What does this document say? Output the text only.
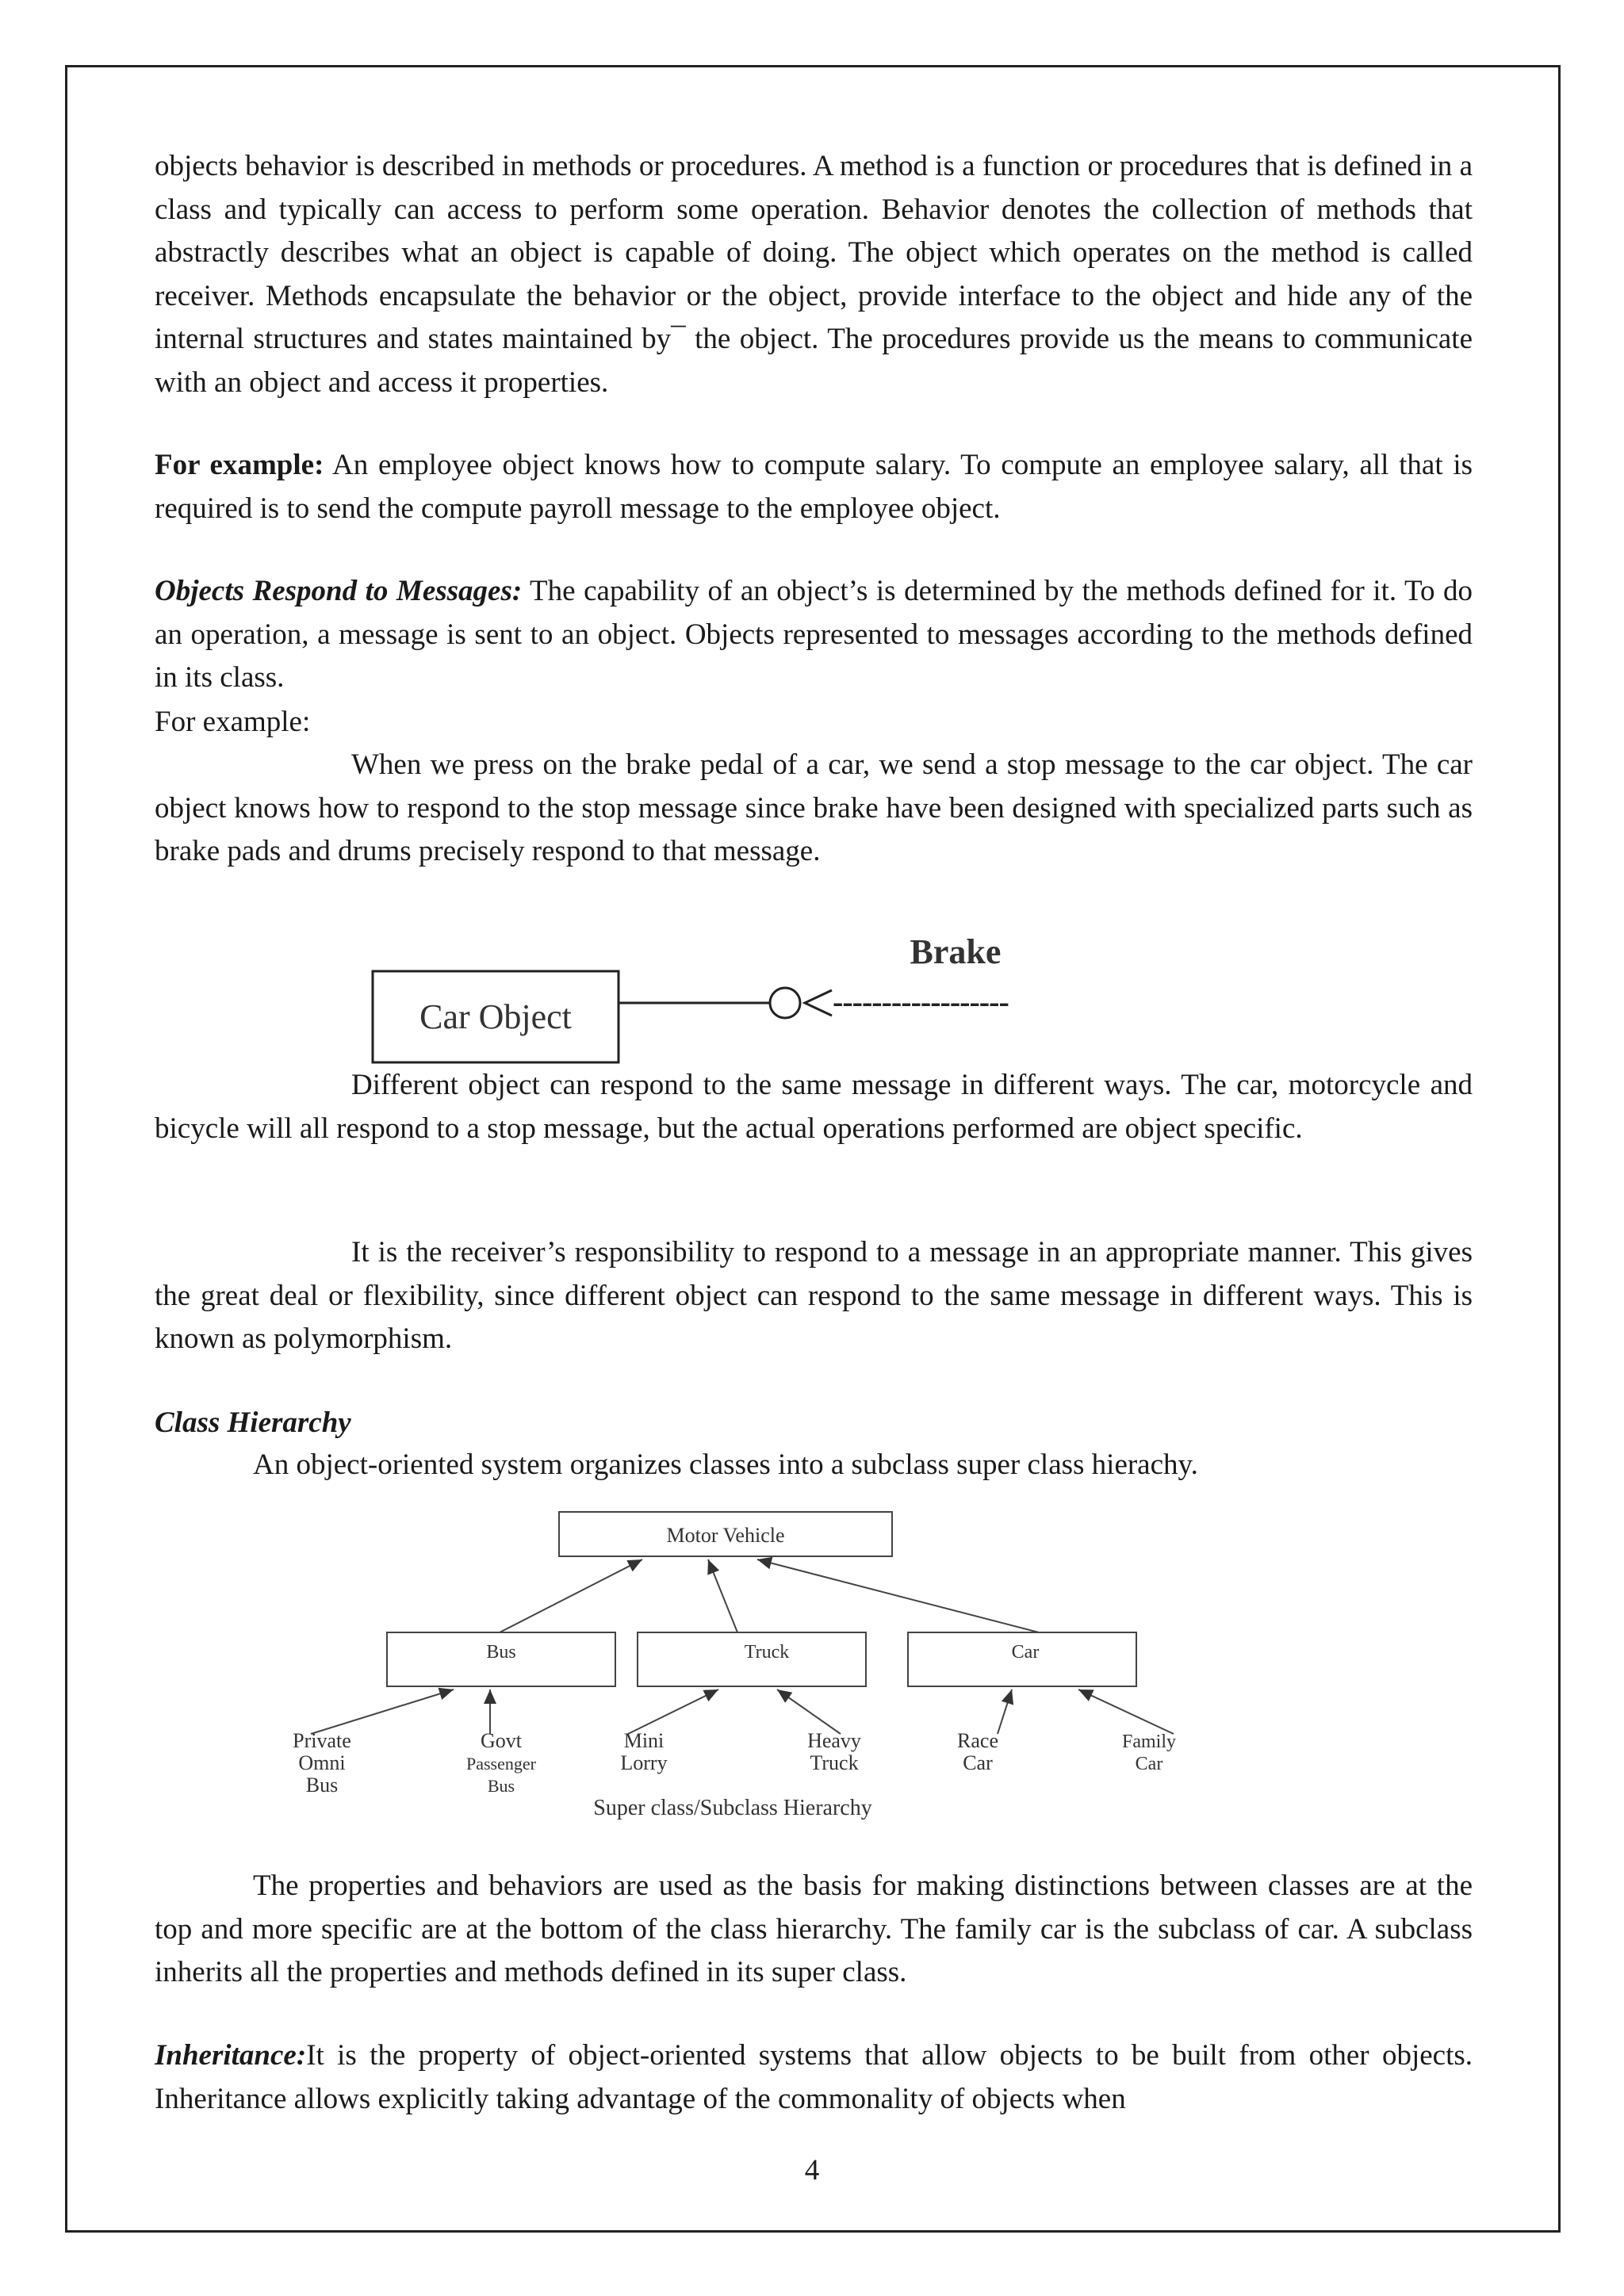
objects behavior is described in methods or procedures. A method is a function or procedures that is defined in a class and typically can access to perform some operation. Behavior denotes the collection of methods that abstractly describes what an object is capable of doing. The object which operates on the method is called receiver. Methods encapsulate the behavior or the object, provide interface to the object and hide any of the internal structures and states maintained by¯ the object. The procedures provide us the means to communicate with an object and access it properties.

For example: An employee object knows how to compute salary. To compute an employee salary, all that is required is to send the compute payroll message to the employee object.

Objects Respond to Messages: The capability of an object’s is determined by the methods defined for it. To do an operation, a message is sent to an object. Objects represented to messages according to the methods defined in its class.

For example:

When we press on the brake pedal of a car, we send a stop message to the car object. The car object knows how to respond to the stop message since brake have been designed with specialized parts such as brake pads and drums precisely respond to that message.

Car Object	------------------
Brake

Different object can respond to the same message in different ways. The car, motorcycle and bicycle will all respond to a stop message, but the actual operations performed are object specific.

It is the receiver’s responsibility to respond to a message in an appropriate manner. This gives the great deal or flexibility, since different object can respond to the same message in different ways. This is known as polymorphism.

Class Hierarchy

An object-oriented system organizes classes into a subclass super class hierachy.

Motor Vehicle
Bus	Truck	Car
Private
Omni
Bus
Govt
Passenger
Bus
Mini
Lorry
Heavy
Truck
Race
Car
Family
Car
Super class/Subclass Hierarchy

The properties and behaviors are used as the basis for making distinctions between classes are at the top and more specific are at the bottom of the class hierarchy. The family car is the subclass of car. A subclass inherits all the properties and methods defined in its super class.

Inheritance:It is the property of object-oriented systems that allow objects to be built from other objects. Inheritance allows explicitly taking advantage of the commonality of objects when

4
